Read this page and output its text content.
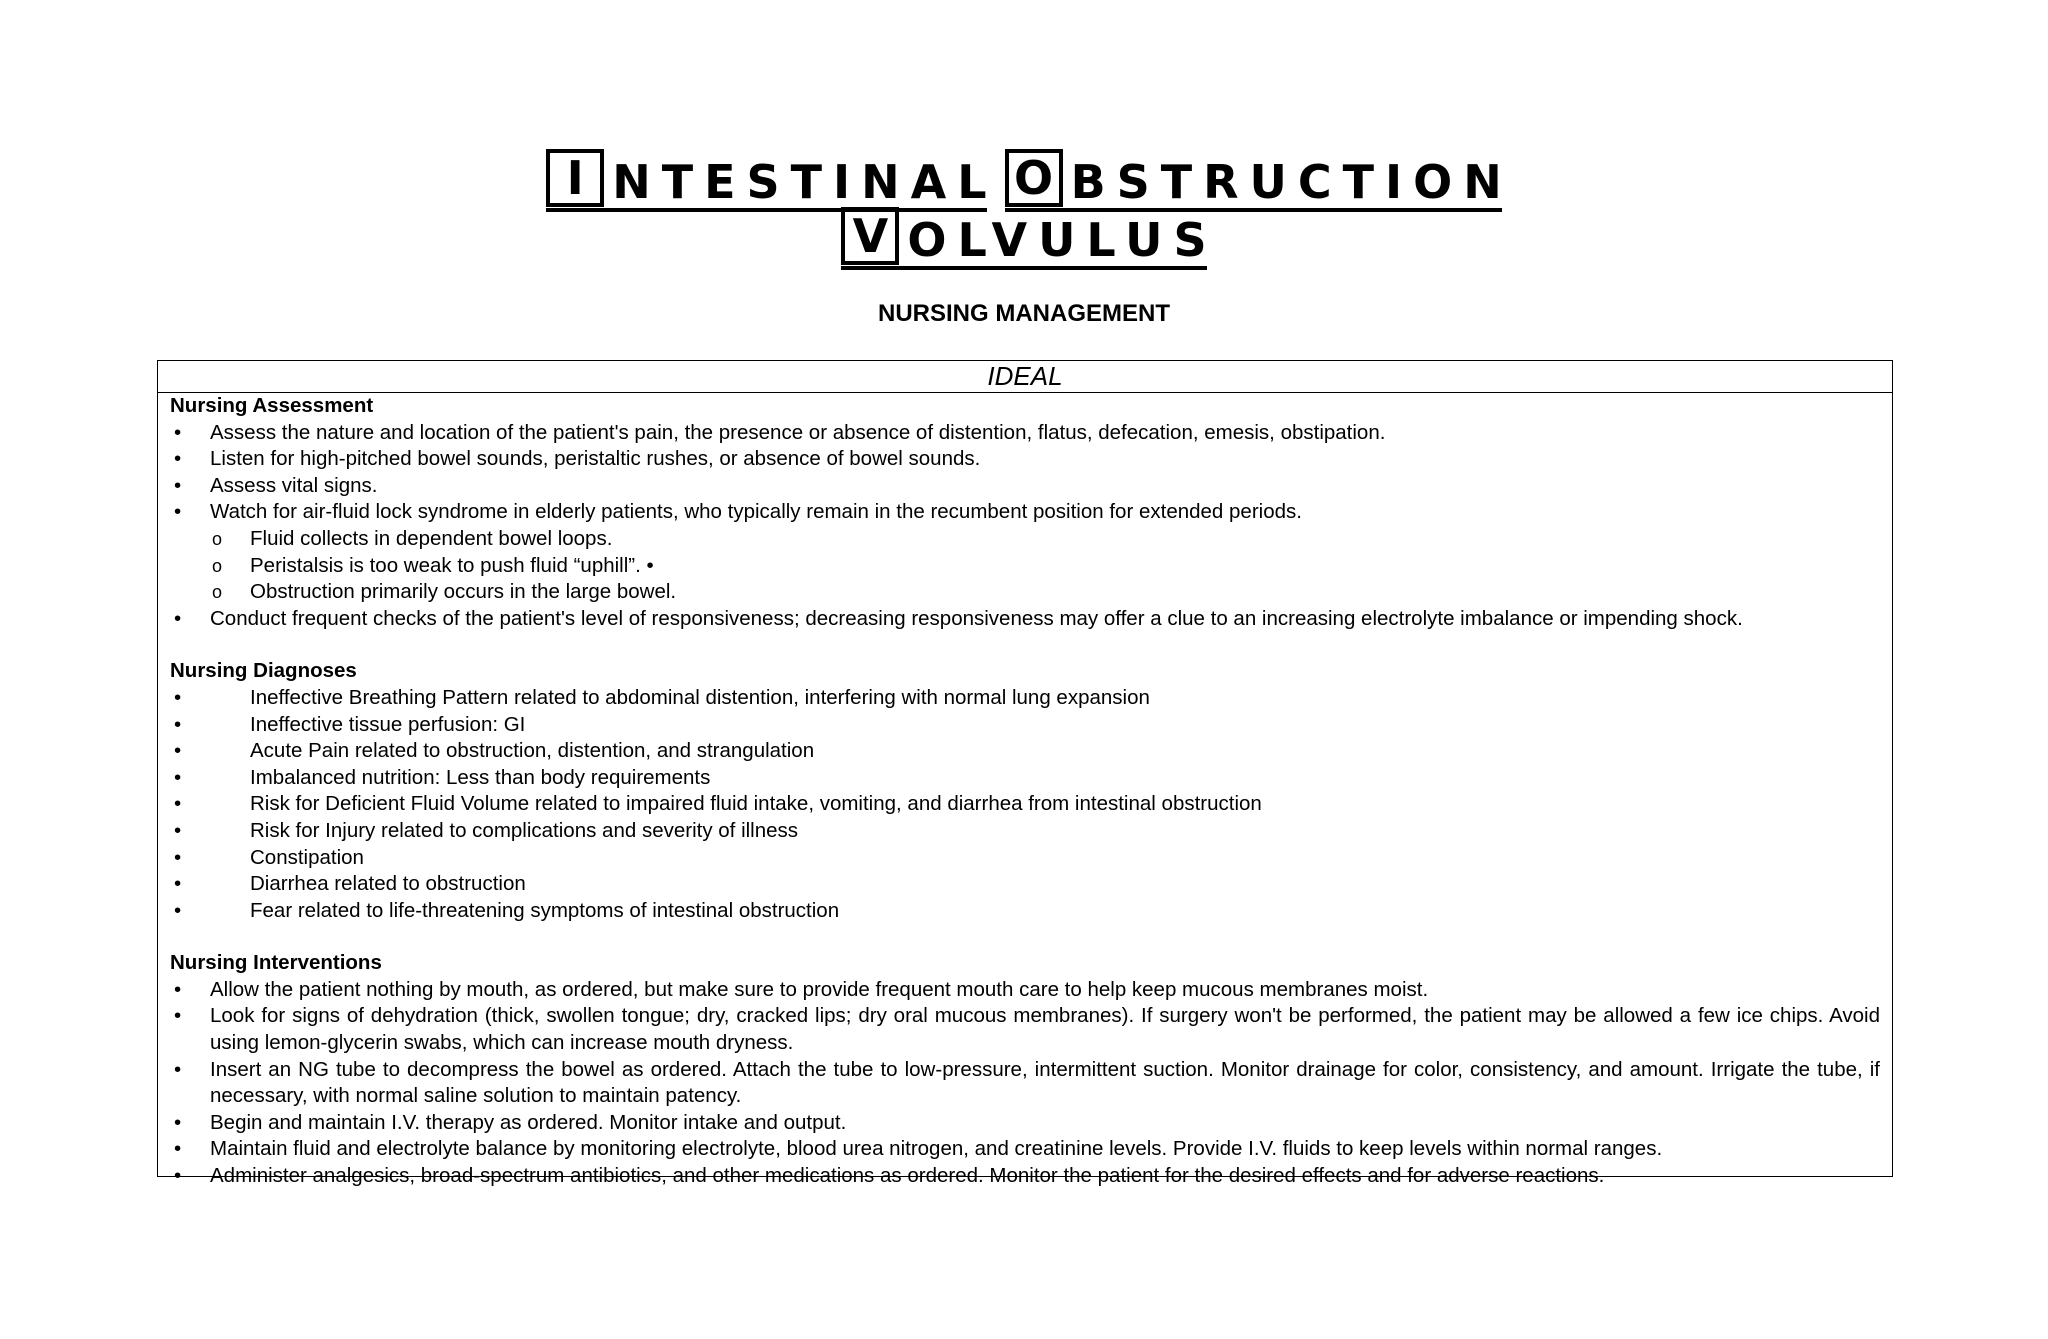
I NTESTINAL O BSTRUCTION
V OLVULUS
NURSING MANAGEMENT
IDEAL
Nursing Assessment
• Assess the nature and location of the patient's pain, the presence or absence of distention, flatus, defecation, emesis, obstipation.
• Listen for high-pitched bowel sounds, peristaltic rushes, or absence of bowel sounds.
• Assess vital signs.
• Watch for air-fluid lock syndrome in elderly patients, who typically remain in the recumbent position for extended periods.
o Fluid collects in dependent bowel loops.
o Peristalsis is too weak to push fluid “uphill”. •
o Obstruction primarily occurs in the large bowel.
• Conduct frequent checks of the patient's level of responsiveness; decreasing responsiveness may offer a clue to an increasing electrolyte imbalance or impending shock.
Nursing Diagnoses
• Ineffective Breathing Pattern related to abdominal distention, interfering with normal lung expansion
• Ineffective tissue perfusion: GI
• Acute Pain related to obstruction, distention, and strangulation
• Imbalanced nutrition: Less than body requirements
• Risk for Deficient Fluid Volume related to impaired fluid intake, vomiting, and diarrhea from intestinal obstruction
• Risk for Injury related to complications and severity of illness
• Constipation
• Diarrhea related to obstruction
• Fear related to life-threatening symptoms of intestinal obstruction
Nursing Interventions
• Allow the patient nothing by mouth, as ordered, but make sure to provide frequent mouth care to help keep mucous membranes moist.
• Look for signs of dehydration (thick, swollen tongue; dry, cracked lips; dry oral mucous membranes). If surgery won't be performed, the patient may be allowed a few ice chips. Avoid using lemon-glycerin swabs, which can increase mouth dryness.
• Insert an NG tube to decompress the bowel as ordered. Attach the tube to low-pressure, intermittent suction. Monitor drainage for color, consistency, and amount. Irrigate the tube, if necessary, with normal saline solution to maintain patency.
• Begin and maintain I.V. therapy as ordered. Monitor intake and output.
• Maintain fluid and electrolyte balance by monitoring electrolyte, blood urea nitrogen, and creatinine levels. Provide I.V. fluids to keep levels within normal ranges.
• Administer analgesics, broad-spectrum antibiotics, and other medications as ordered. Monitor the patient for the desired effects and for adverse reactions.
